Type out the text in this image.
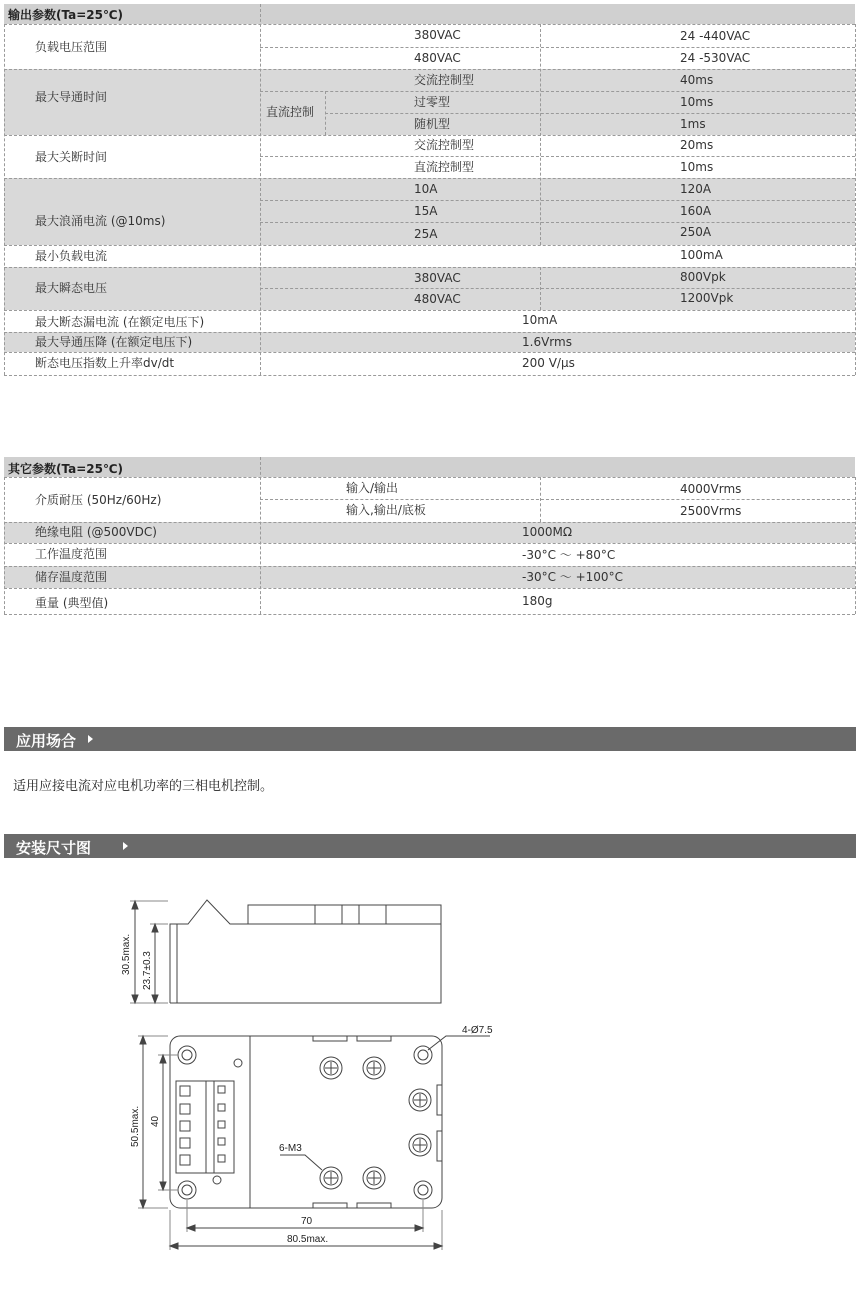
输出参数(Ta=25℃)
负载电压范围
380VAC	24 -440VAC
480VAC	24 -530VAC
最大导通时间
交流控制型	40ms
直流控制
过零型	10ms
随机型	1ms
最大关断时间
交流控制型	20ms
直流控制型	10ms
最大浪涌电流 (@10ms)
10A	120A
15A	160A
25A	250A
最小负载电流	100mA
最大瞬态电压
380VAC	800Vpk
480VAC	1200Vpk
最大断态漏电流 (在额定电压下)	10mA
最大导通压降 (在额定电压下)	1.6Vrms
断态电压指数上升率dv/dt	200 V/μs
其它参数(Ta=25℃)
介质耐压 (50Hz/60Hz)
输入/输出	4000Vrms
输入,输出/底板	2500Vrms
绝缘电阻 (@500VDC)	1000MΩ
工作温度范围	-30°C ～ +80°C
储存温度范围	-30°C ～ +100°C
重量 (典型值)	180g
应用场合
适用应接电流对应电机功率的三相电机控制。
安装尺寸图
30.5max. 23.7±0.3
4-Ø7.5
6-M3
50.5max. 40
70
80.5max.
